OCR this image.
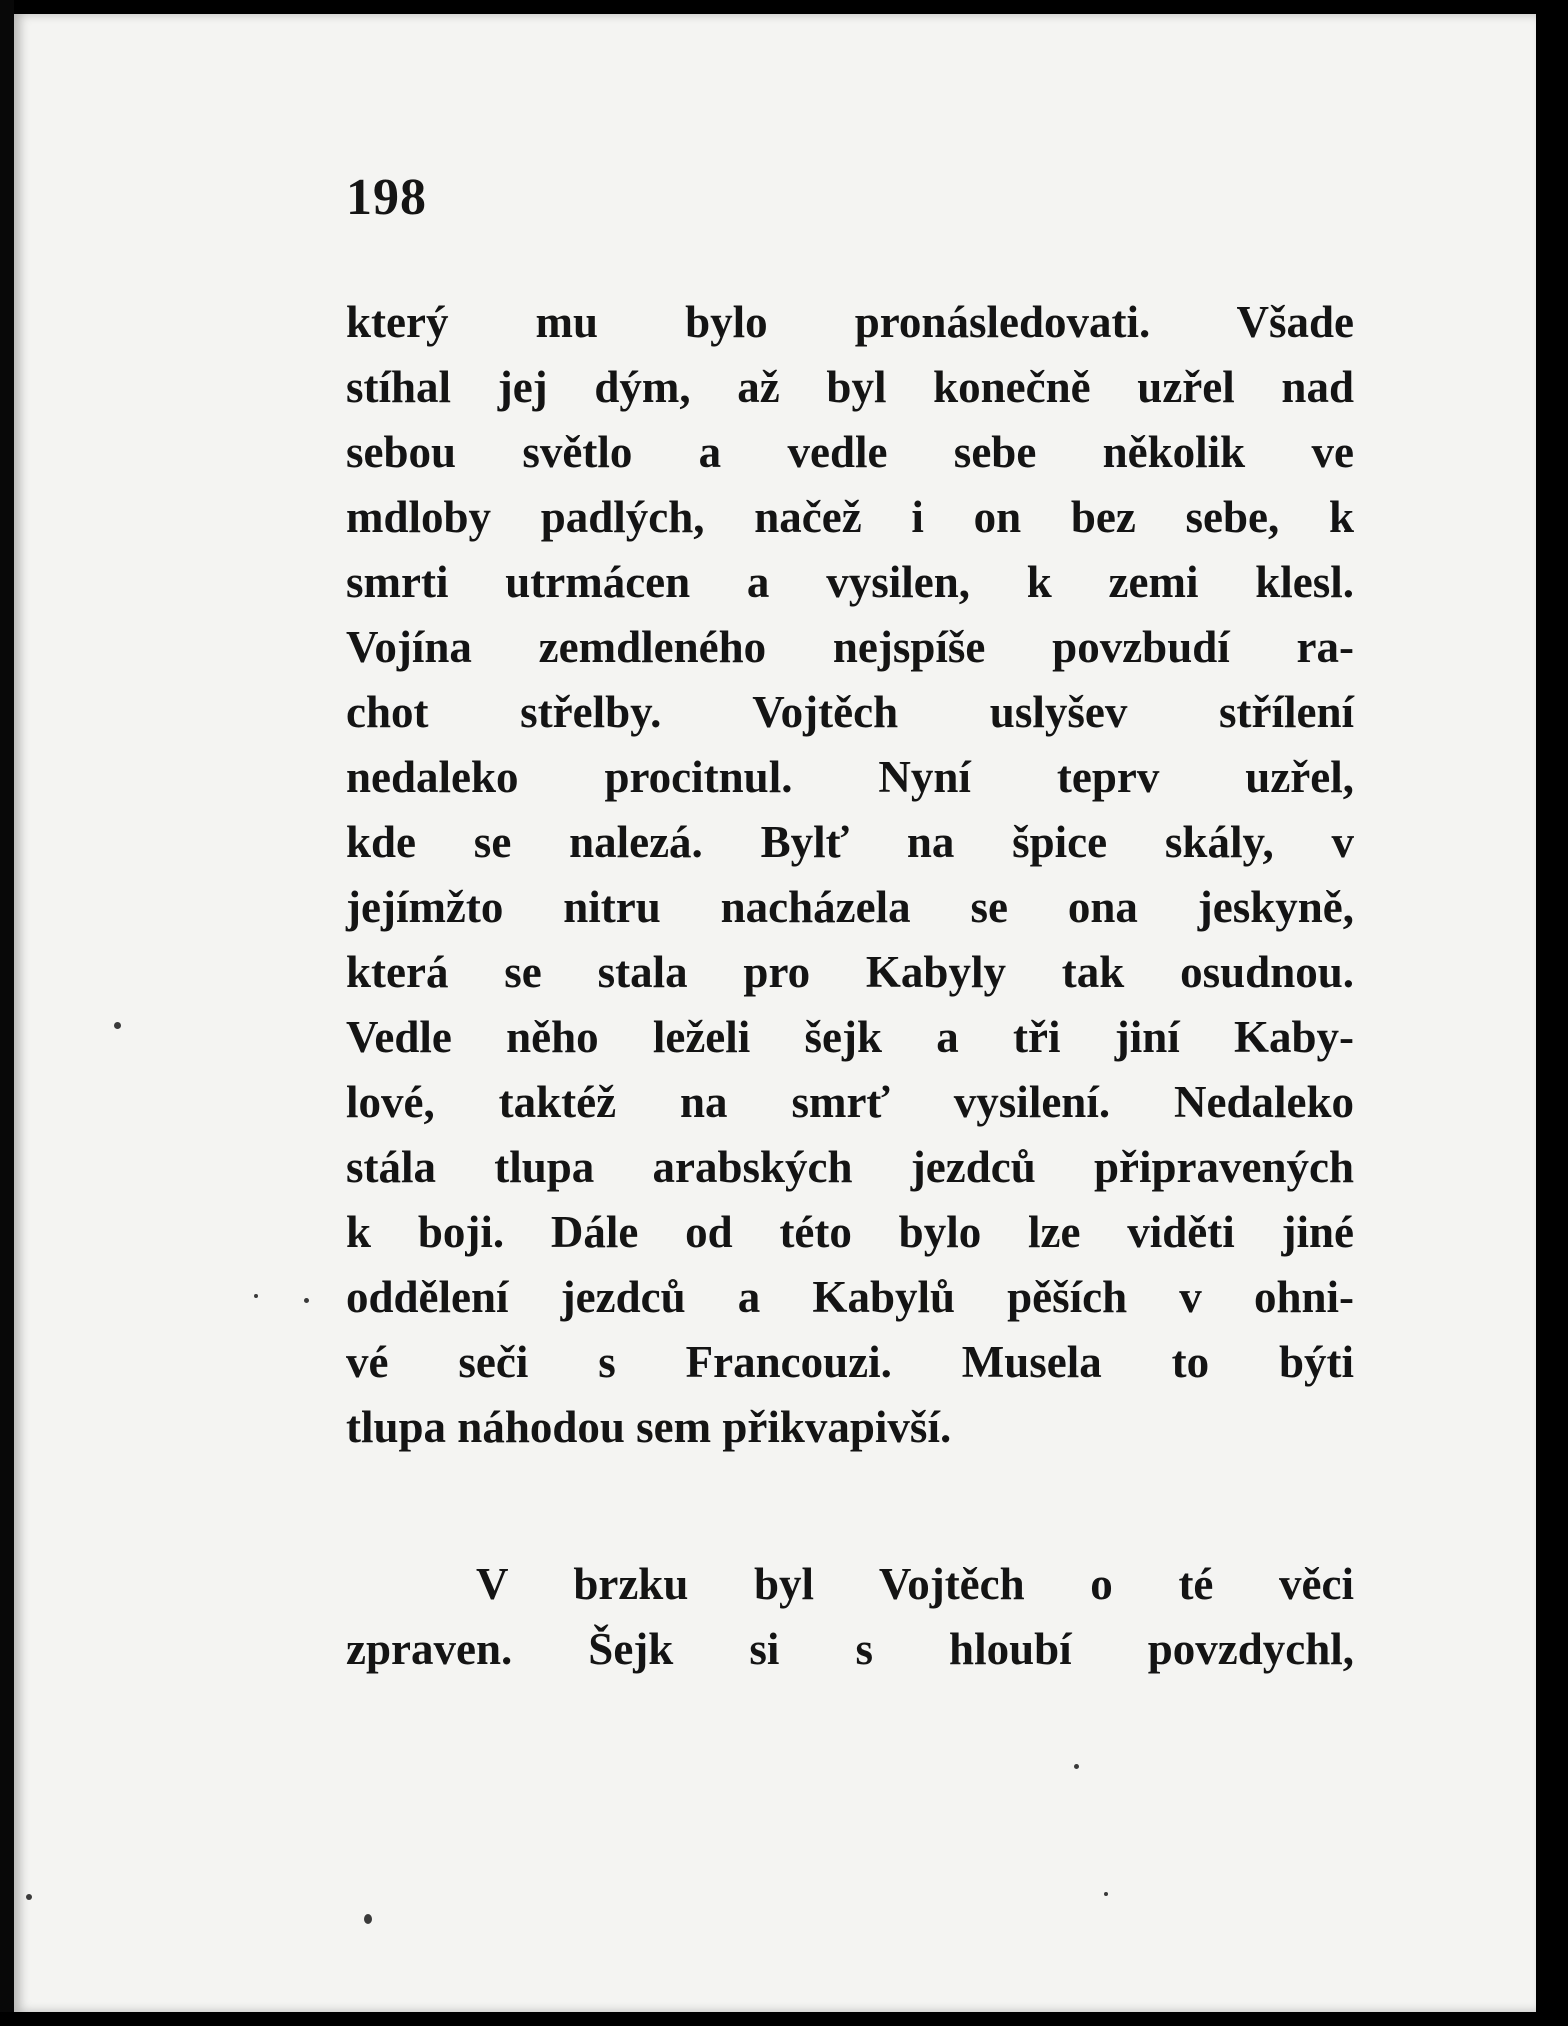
198
který mu bylo pronásledovati. Všade
stíhal jej dým, až byl konečně uzřel nad
sebou světlo a vedle sebe několik ve
mdloby padlých, načež i on bez sebe, k
smrti utrmácen a vysilen, k zemi klesl.
Vojína zemdleného nejspíše povzbudí ra-
chot střelby. Vojtěch uslyšev střílení
nedaleko procitnul. Nyní teprv uzřel,
kde se nalezá. Bylť na špice skály, v
jejímžto nitru nacházela se ona jeskyně,
která se stala pro Kabyly tak osudnou.
Vedle něho leželi šejk a tři jiní Kaby-
lové, taktéž na smrť vysilení. Nedaleko
stála tlupa arabských jezdců připravených
k boji. Dále od této bylo lze viděti jiné
oddělení jezdců a Kabylů pěších v ohni-
vé seči s Francouzi. Musela to býti
tlupa náhodou sem přikvapivší.
V brzku byl Vojtěch o té věci
zpraven. Šejk si s hloubí povzdychl,
